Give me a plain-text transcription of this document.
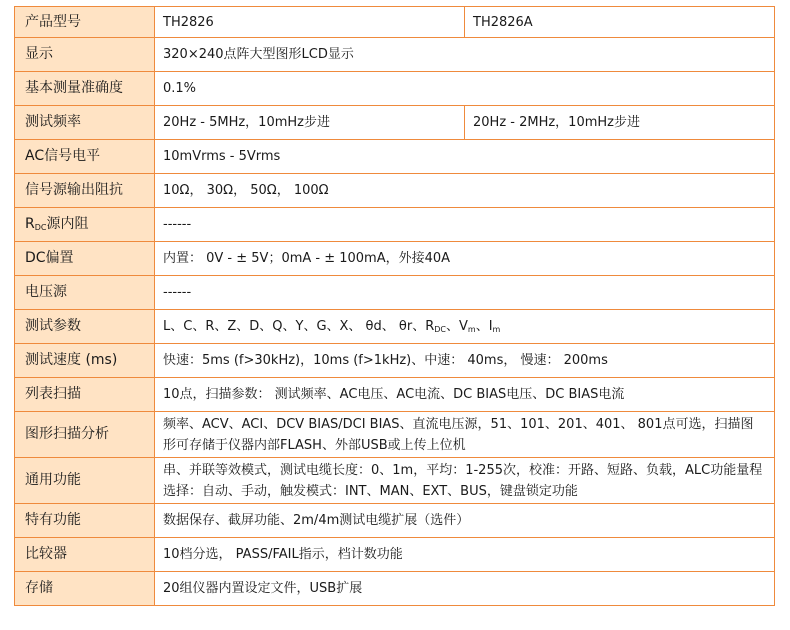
产品型号	TH2826	TH2826A
显示	320×240点阵大型图形LCD显示	
基本测量准确度	0.1%	
测试频率	20Hz - 5MHz，10mHz步进	20Hz - 2MHz，10mHz步进
AC信号电平	10mVrms - 5Vrms	
信号源输出阻抗	10Ω， 30Ω， 50Ω， 100Ω	
$R_{DC}$源内阻	------	
DC偏置	内置： 0V - ± 5V；0mA - ± 100mA，外接40A	
电压源	------	
测试参数	L、C、R、Z、D、Q、Y、G、X、 θd、 θr、$R_{DC}$、$V_m$、$I_m$
测试速度 (ms)	快速：5ms (f>30kHz)，10ms (f>1kHz)、中速： 40ms， 慢速： 200ms	
列表扫描	10点，扫描参数： 测试频率、AC电压、AC电流、DC BIAS电压、DC BIAS电流	
图形扫描分析	频率、ACV、ACI、DCV BIAS/DCI BIAS、直流电压源，51、101、201、401、 801点可选，扫描图形可存储于仪器内部FLASH、外部USB或上传上位机	
通用功能	串、并联等效模式，测试电缆长度：0、1m，平均：1-255次，校准：开路、短路、负载，ALC功能量程选择：自动、手动，触发模式：INT、MAN、EXT、BUS，键盘锁定功能	
特有功能	数据保存、截屏功能、2m/4m测试电缆扩展（选件）	
比较器	10档分选， PASS/FAIL指示，档计数功能	
存储	20组仪器内置设定文件，USB扩展	
